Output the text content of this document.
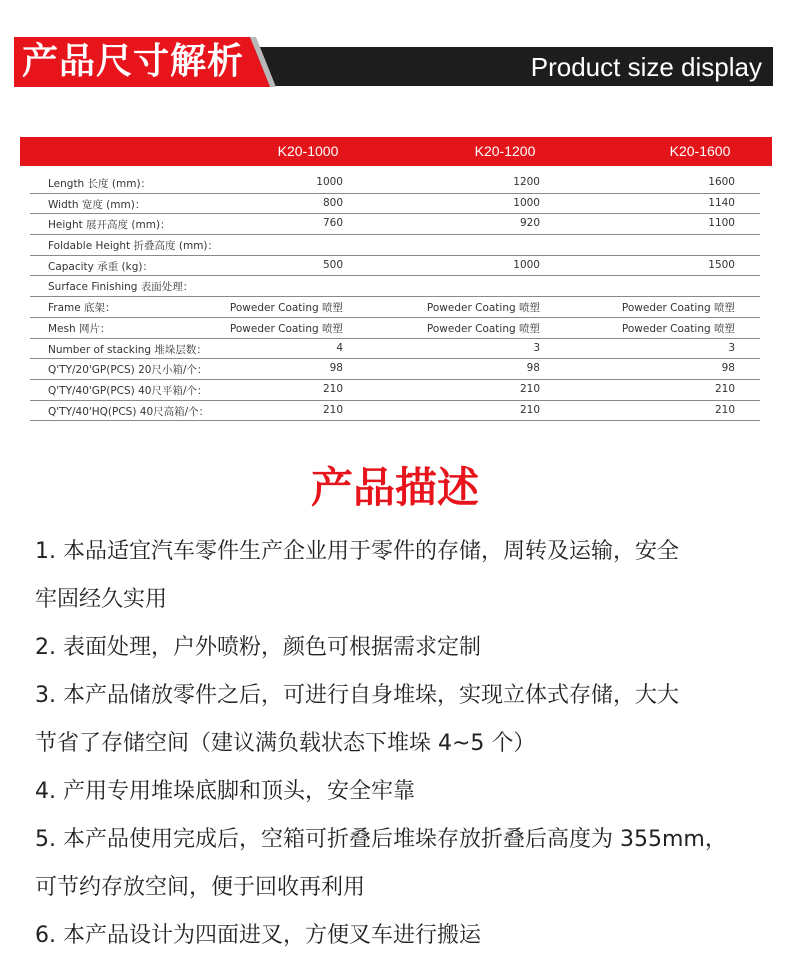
Product size display
产品尺寸解析
K20-1000	K20-1200	K20-1600
Length 长度 (mm)：	1000	1200	1600
Width 宽度 (mm)：	800	1000	1140
Height 展开高度 (mm)：	760	920	1100
Foldable Height 折叠高度 (mm)：
Capacity 承重 (kg)：	500	1000	1500
Surface Finishing 表面处理：
Frame 底架：	Poweder Coating 喷塑	Poweder Coating 喷塑	Poweder Coating 喷塑
Mesh 网片：	Poweder Coating 喷塑	Poweder Coating 喷塑	Poweder Coating 喷塑
Number of stacking 堆垛层数：	4	3	3
Q'TY/20'GP(PCS) 20尺小箱/个：	98	98	98
Q'TY/40'GP(PCS) 40尺平箱/个：	210	210	210
Q'TY/40'HQ(PCS) 40尺高箱/个：	210	210	210
产品描述
1. 本品适宜汽车零件生产企业用于零件的存储，周转及运输，安全
牢固经久实用
2. 表面处理，户外喷粉，颜色可根据需求定制
3. 本产品储放零件之后，可进行自身堆垛，实现立体式存储，大大
节省了存储空间（建议满负载状态下堆垛 4~5 个）
4. 产用专用堆垛底脚和顶头，安全牢靠
5. 本产品使用完成后，空箱可折叠后堆垛存放折叠后高度为 355mm，
可节约存放空间，便于回收再利用
6. 本产品设计为四面进叉，方便叉车进行搬运
